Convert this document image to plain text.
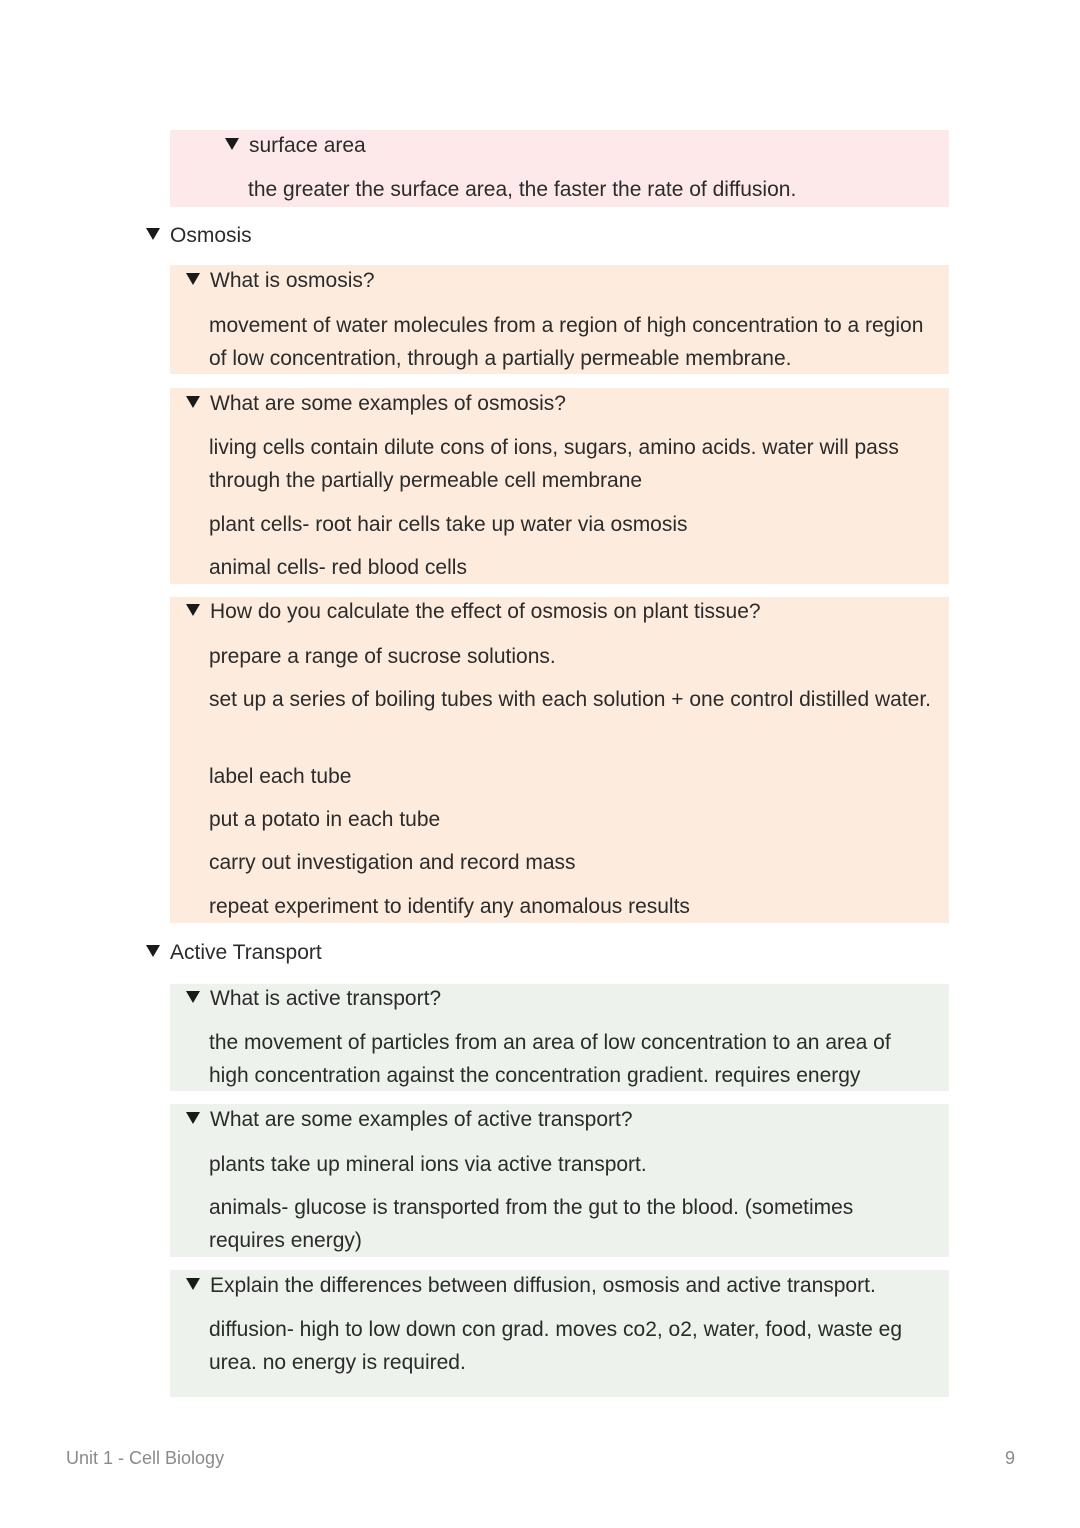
surface area
the greater the surface area, the faster the rate of diffusion.
Osmosis
What is osmosis?
movement of water molecules from a region of high concentration to a region of low concentration, through a partially permeable membrane.
What are some examples of osmosis?
living cells contain dilute cons of ions, sugars, amino acids. water will pass through the partially permeable cell membrane
plant cells- root hair cells take up water via osmosis
animal cells- red blood cells
How do you calculate the effect of osmosis on plant tissue?
prepare a range of sucrose solutions.
set up a series of boiling tubes with each solution + one control distilled water.
label each tube
put a potato in each tube
carry out investigation and record mass
repeat experiment to identify any anomalous results
Active Transport
What is active transport?
the movement of particles from an area of low concentration to an area of high concentration against the concentration gradient. requires energy
What are some examples of active transport?
plants take up mineral ions via active transport.
animals- glucose is transported from the gut to the blood. (sometimes requires energy)
Explain the differences between diffusion, osmosis and active transport.
diffusion- high to low down con grad. moves co2, o2, water, food, waste eg urea. no energy is required.
Unit 1 - Cell Biology	9
